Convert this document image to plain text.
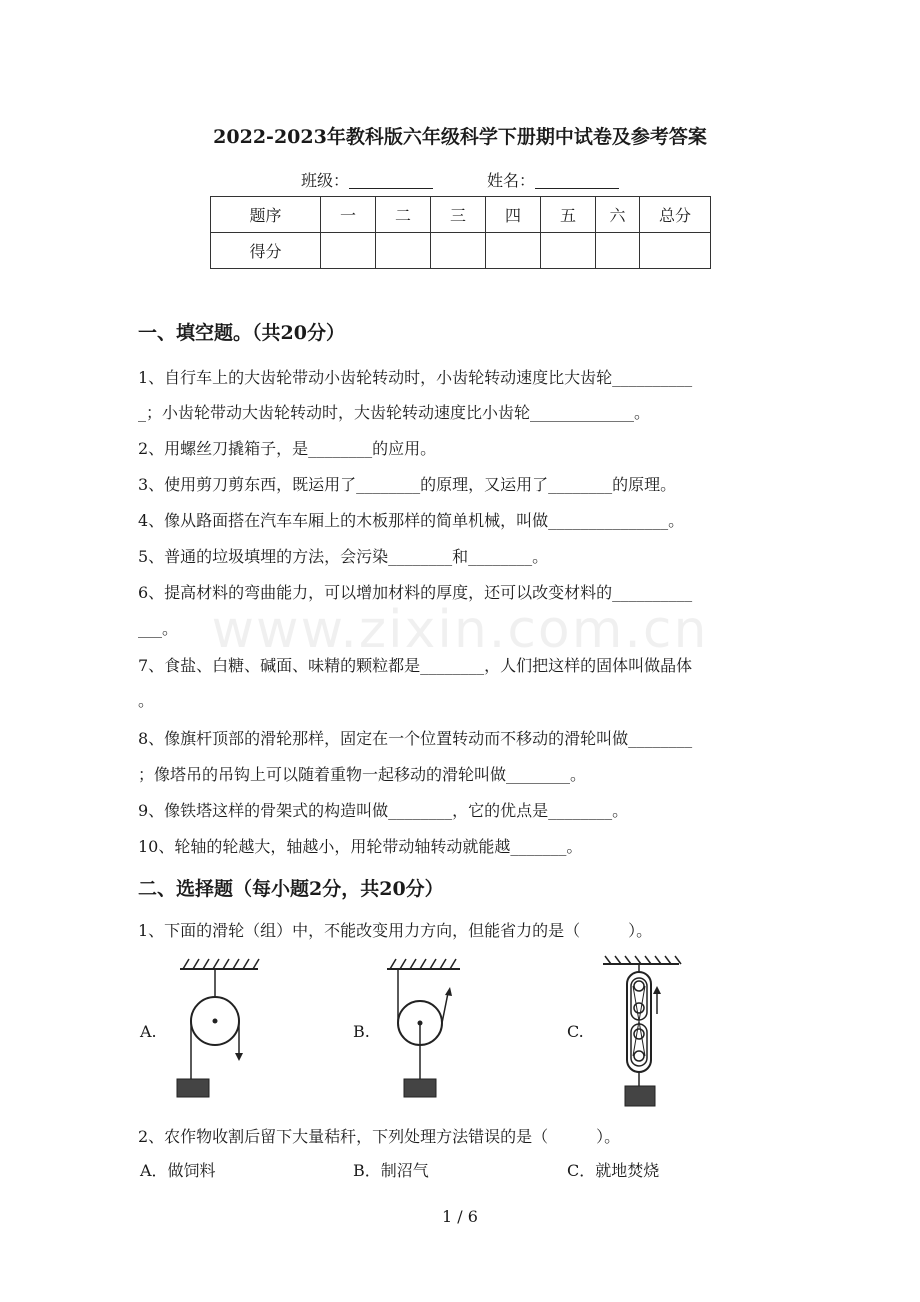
www.zixin.com.cn
2022-2023年教科版六年级科学下册期中试卷及参考答案
班级：	姓名：
题序	一	二	三	四	五	六	总分
得分							
一、填空题。（共20分）
1、自行车上的大齿轮带动小齿轮转动时，小齿轮转动速度比大齿轮__________
_；小齿轮带动大齿轮转动时，大齿轮转动速度比小齿轮_____________。
2、用螺丝刀撬箱子，是________的应用。
3、使用剪刀剪东西，既运用了________的原理，又运用了________的原理。
4、像从路面搭在汽车车厢上的木板那样的简单机械，叫做_______________。
5、普通的垃圾填埋的方法，会污染________和________。
6、提高材料的弯曲能力，可以增加材料的厚度，还可以改变材料的__________
___。
7、食盐、白糖、碱面、味精的颗粒都是________，人们把这样的固体叫做晶体
。
8、像旗杆顶部的滑轮那样，固定在一个位置转动而不移动的滑轮叫做________
；像塔吊的吊钩上可以随着重物一起移动的滑轮叫做________。
9、像铁塔这样的骨架式的构造叫做________，它的优点是________。
10、轮轴的轮越大，轴越小，用轮带动轴转动就能越_______。
二、选择题（每小题2分，共20分）
1、下面的滑轮（组）中，不能改变用力方向，但能省力的是（　　　）。
A.	B.	C.
2、农作物收割后留下大量秸秆，下列处理方法错误的是（　　　）。
A．做饲料	B．制沼气	C．就地焚烧
1 / 6
